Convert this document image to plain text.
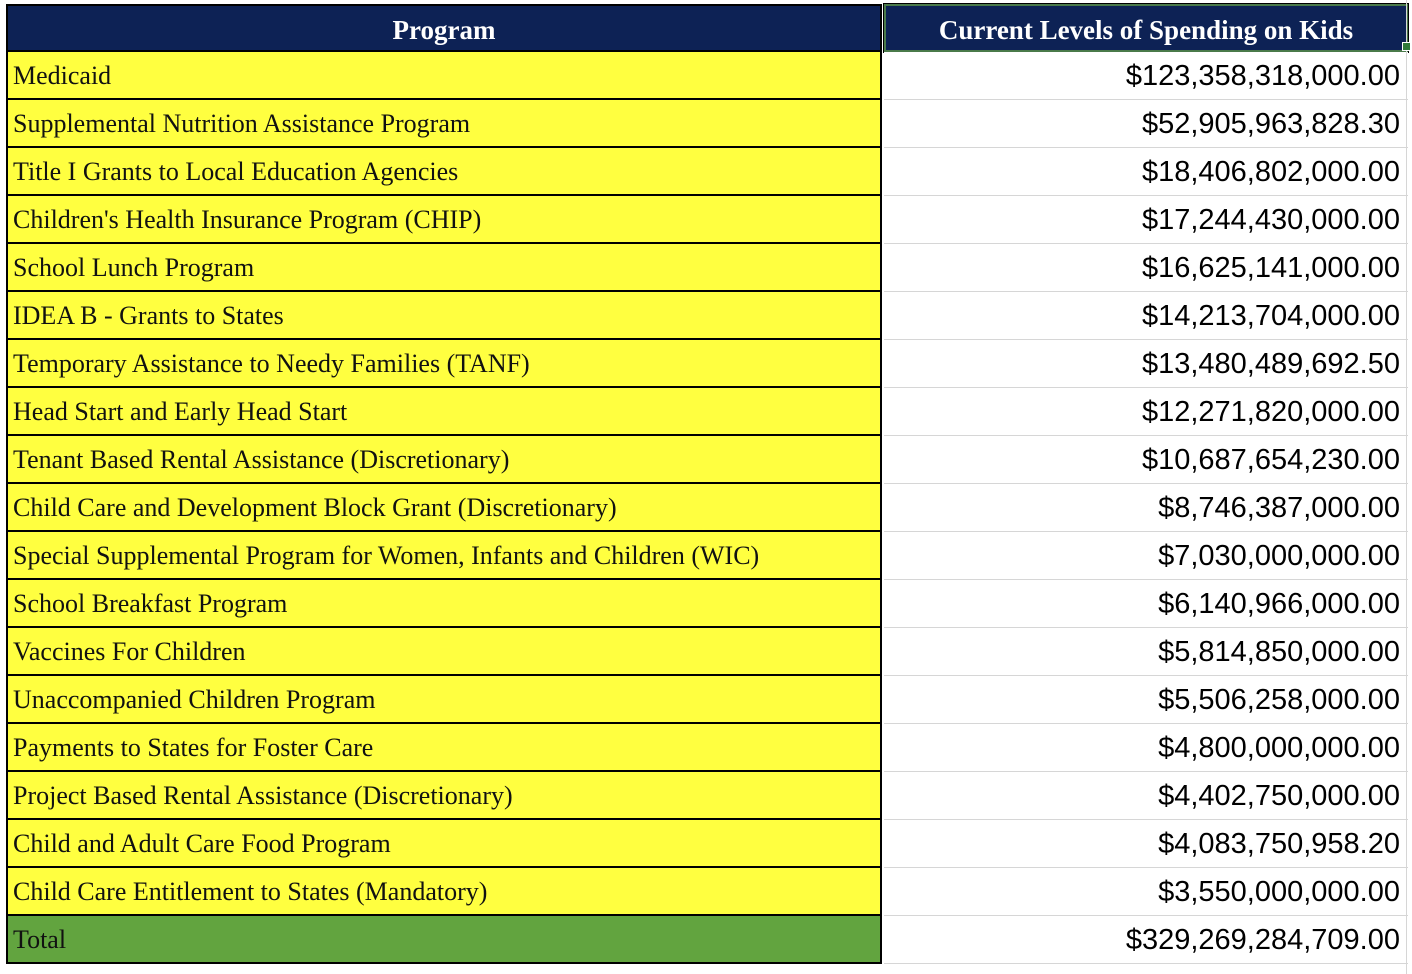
Program	Current Levels of Spending on Kids
Medicaid	$123,358,318,000.00
Supplemental Nutrition Assistance Program	$52,905,963,828.30
Title I Grants to Local Education Agencies	$18,406,802,000.00
Children's Health Insurance Program (CHIP)	$17,244,430,000.00
School Lunch Program	$16,625,141,000.00
IDEA B - Grants to States	$14,213,704,000.00
Temporary Assistance to Needy Families (TANF)	$13,480,489,692.50
Head Start and Early Head Start	$12,271,820,000.00
Tenant Based Rental Assistance (Discretionary)	$10,687,654,230.00
Child Care and Development Block Grant (Discretionary)	$8,746,387,000.00
Special Supplemental Program for Women, Infants and Children (WIC)	$7,030,000,000.00
School Breakfast Program	$6,140,966,000.00
Vaccines For Children	$5,814,850,000.00
Unaccompanied Children Program	$5,506,258,000.00
Payments to States for Foster Care	$4,800,000,000.00
Project Based Rental Assistance (Discretionary)	$4,402,750,000.00
Child and Adult Care Food Program	$4,083,750,958.20
Child Care Entitlement to States (Mandatory)	$3,550,000,000.00
Total	$329,269,284,709.00
